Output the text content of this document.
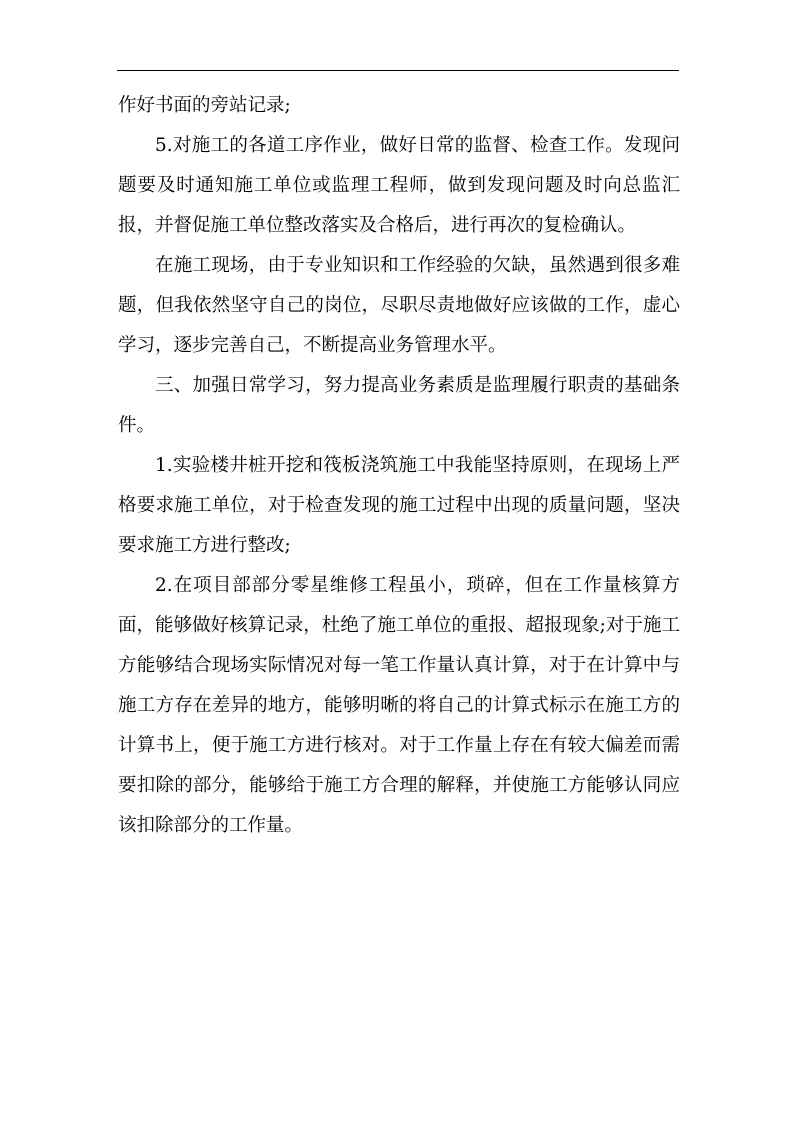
作好书面的旁站记录;

5.对施工的各道工序作业，做好日常的监督、检查工作。发现问题要及时通知施工单位或监理工程师，做到发现问题及时向总监汇报，并督促施工单位整改落实及合格后，进行再次的复检确认。

在施工现场，由于专业知识和工作经验的欠缺，虽然遇到很多难题，但我依然坚守自己的岗位，尽职尽责地做好应该做的工作，虚心学习，逐步完善自己，不断提高业务管理水平。

三、加强日常学习，努力提高业务素质是监理履行职责的基础条件。

1.实验楼井桩开挖和筏板浇筑施工中我能坚持原则，在现场上严格要求施工单位，对于检查发现的施工过程中出现的质量问题，坚决要求施工方进行整改;

2.在项目部部分零星维修工程虽小，琐碎，但在工作量核算方面，能够做好核算记录，杜绝了施工单位的重报、超报现象;对于施工方能够结合现场实际情况对每一笔工作量认真计算，对于在计算中与施工方存在差异的地方，能够明晰的将自己的计算式标示在施工方的计算书上，便于施工方进行核对。对于工作量上存在有较大偏差而需要扣除的部分，能够给于施工方合理的解释，并使施工方能够认同应该扣除部分的工作量。
